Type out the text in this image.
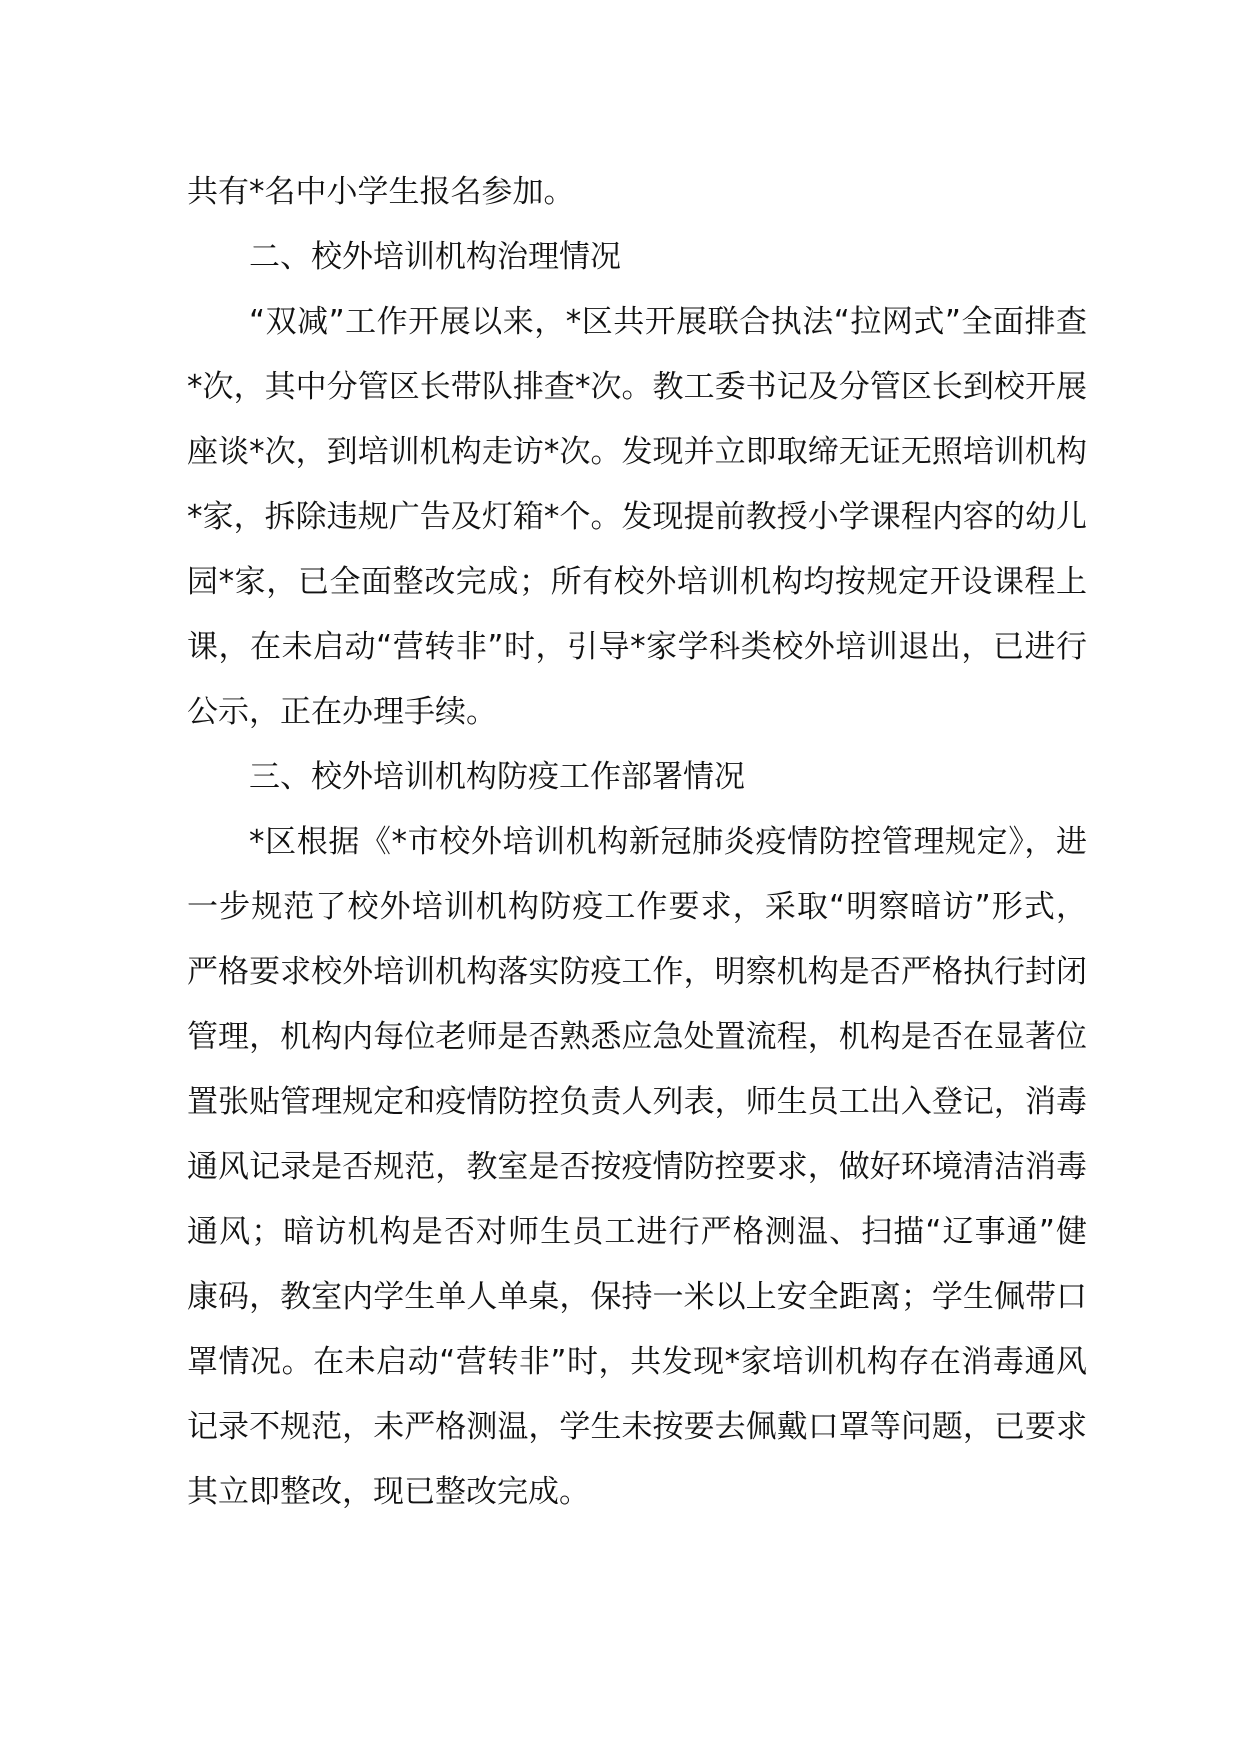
共有*名中小学生报名参加。

二、校外培训机构治理情况

“双减”工作开展以来，*区共开展联合执法“拉网式”全面排查*次，其中分管区长带队排查*次。教工委书记及分管区长到校开展座谈*次，到培训机构走访*次。发现并立即取缔无证无照培训机构*家，拆除违规广告及灯箱*个。发现提前教授小学课程内容的幼儿园*家，已全面整改完成；所有校外培训机构均按规定开设课程上课，在未启动“营转非”时，引导*家学科类校外培训退出，已进行公示，正在办理手续。

三、校外培训机构防疫工作部署情况

*区根据《*市校外培训机构新冠肺炎疫情防控管理规定》，进一步规范了校外培训机构防疫工作要求，采取“明察暗访”形式，严格要求校外培训机构落实防疫工作，明察机构是否严格执行封闭管理，机构内每位老师是否熟悉应急处置流程，机构是否在显著位置张贴管理规定和疫情防控负责人列表，师生员工出入登记，消毒通风记录是否规范，教室是否按疫情防控要求，做好环境清洁消毒通风；暗访机构是否对师生员工进行严格测温、扫描“辽事通”健康码，教室内学生单人单桌，保持一米以上安全距离；学生佩带口罩情况。在未启动“营转非”时，共发现*家培训机构存在消毒通风记录不规范，未严格测温，学生未按要去佩戴口罩等问题，已要求其立即整改，现已整改完成。
